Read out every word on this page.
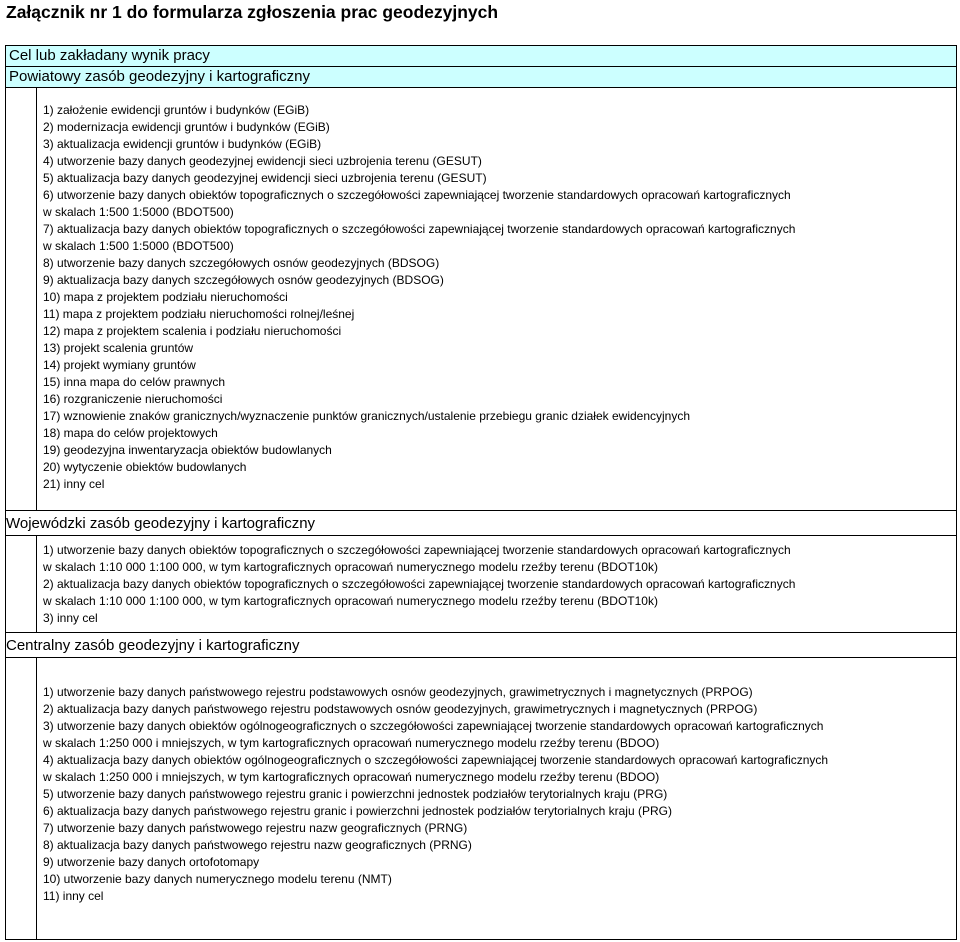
Załącznik nr 1 do formularza zgłoszenia prac geodezyjnych
Cel lub zakładany wynik pracy
Powiatowy zasób geodezyjny i kartograficzny
1) założenie ewidencji gruntów i budynków (EGiB)
2) modernizacja ewidencji gruntów i budynków (EGiB)
3) aktualizacja ewidencji gruntów i budynków (EGiB)
4) utworzenie bazy danych geodezyjnej ewidencji sieci uzbrojenia terenu (GESUT)
5) aktualizacja bazy danych geodezyjnej ewidencji sieci uzbrojenia terenu (GESUT)
6) utworzenie bazy danych obiektów topograficznych o szczegółowości zapewniającej tworzenie standardowych opracowań kartograficznych
w skalach 1:500 1:5000 (BDOT500)
7) aktualizacja bazy danych obiektów topograficznych o szczegółowości zapewniającej tworzenie standardowych opracowań kartograficznych
w skalach 1:500 1:5000 (BDOT500)
8) utworzenie bazy danych szczegółowych osnów geodezyjnych (BDSOG)
9) aktualizacja bazy danych szczegółowych osnów geodezyjnych (BDSOG)
10) mapa z projektem podziału nieruchomości
11) mapa z projektem podziału nieruchomości rolnej/leśnej
12) mapa z projektem scalenia i podziału nieruchomości
13) projekt scalenia gruntów
14) projekt wymiany gruntów
15) inna mapa do celów prawnych
16) rozgraniczenie nieruchomości
17) wznowienie znaków granicznych/wyznaczenie punktów granicznych/ustalenie przebiegu granic działek ewidencyjnych
18) mapa do celów projektowych
19) geodezyjna inwentaryzacja obiektów budowlanych
20) wytyczenie obiektów budowlanych
21) inny cel
Wojewódzki zasób geodezyjny i kartograficzny
1) utworzenie bazy danych obiektów topograficznych o szczegółowości zapewniającej tworzenie standardowych opracowań kartograficznych
w skalach 1:10 000 1:100 000, w tym kartograficznych opracowań numerycznego modelu rzeźby terenu (BDOT10k)
2) aktualizacja bazy danych obiektów topograficznych o szczegółowości zapewniającej tworzenie standardowych opracowań kartograficznych
w skalach 1:10 000 1:100 000, w tym kartograficznych opracowań numerycznego modelu rzeźby terenu (BDOT10k)
3) inny cel
Centralny zasób geodezyjny i kartograficzny
1) utworzenie bazy danych państwowego rejestru podstawowych osnów geodezyjnych, grawimetrycznych i magnetycznych (PRPOG)
2) aktualizacja bazy danych państwowego rejestru podstawowych osnów geodezyjnych, grawimetrycznych i magnetycznych (PRPOG)
3) utworzenie bazy danych obiektów ogólnogeograficznych o szczegółowości zapewniającej tworzenie standardowych opracowań kartograficznych
w skalach 1:250 000 i mniejszych, w tym kartograficznych opracowań numerycznego modelu rzeźby terenu (BDOO)
4) aktualizacja bazy danych obiektów ogólnogeograficznych o szczegółowości zapewniającej tworzenie standardowych opracowań kartograficznych
w skalach 1:250 000 i mniejszych, w tym kartograficznych opracowań numerycznego modelu rzeźby terenu (BDOO)
5) utworzenie bazy danych państwowego rejestru granic i powierzchni jednostek podziałów terytorialnych kraju (PRG)
6) aktualizacja bazy danych państwowego rejestru granic i powierzchni jednostek podziałów terytorialnych kraju (PRG)
7) utworzenie bazy danych państwowego rejestru nazw geograficznych (PRNG)
8) aktualizacja bazy danych państwowego rejestru nazw geograficznych (PRNG)
9) utworzenie bazy danych ortofotomapy
10) utworzenie bazy danych numerycznego modelu terenu (NMT)
11) inny cel
